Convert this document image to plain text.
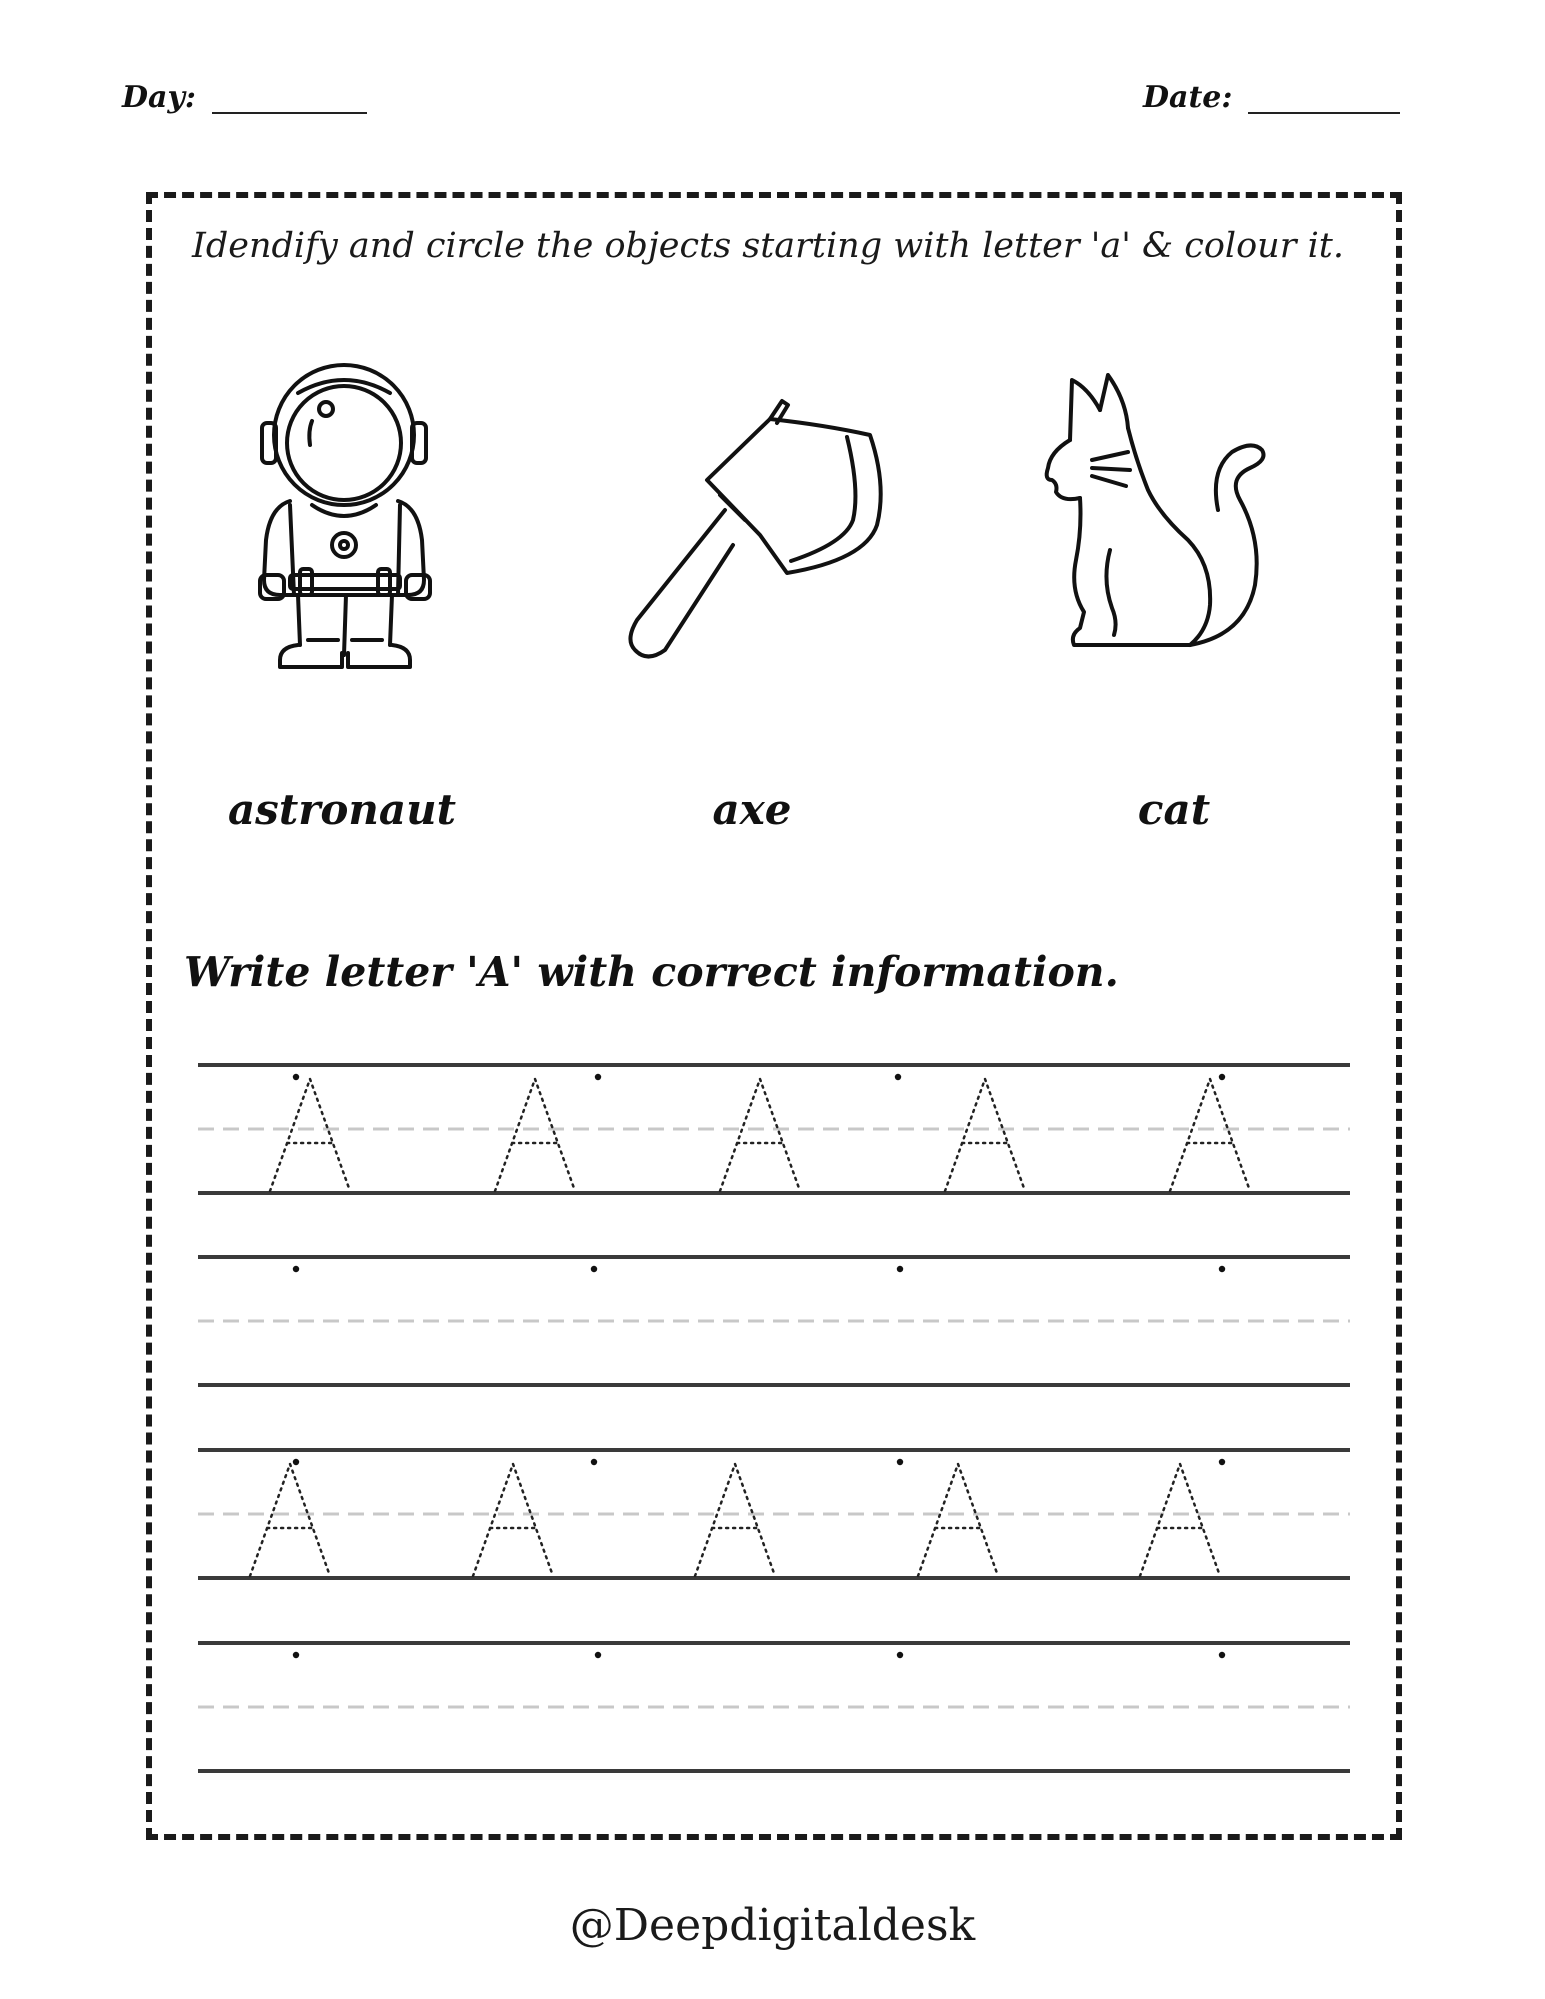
Day:	Date:
Idendify and circle the objects starting with letter 'a' & colour it.
astronaut	axe	cat
Write letter 'A' with correct information.
@Deepdigitaldesk
